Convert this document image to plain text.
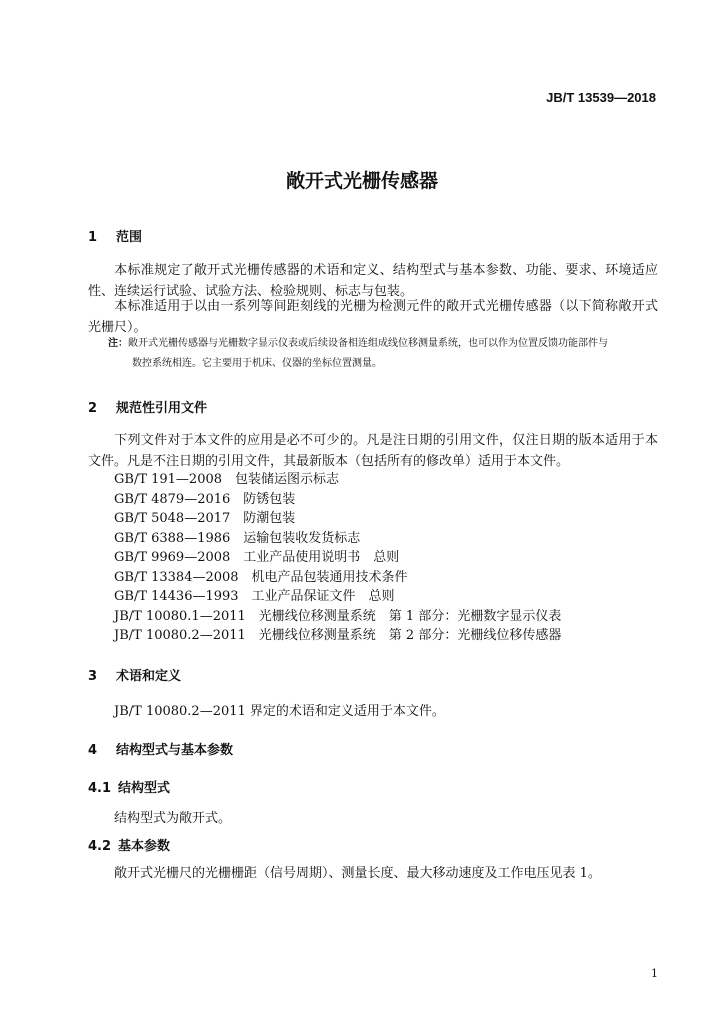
JB/T 13539—2018
敞开式光栅传感器
1 范围
本标准规定了敞开式光栅传感器的术语和定义、结构型式与基本参数、功能、要求、环境适应性、连续运行试验、试验方法、检验规则、标志与包装。
本标准适用于以由一系列等间距刻线的光栅为检测元件的敞开式光栅传感器（以下简称敞开式光栅尺）。
注：敞开式光栅传感器与光栅数字显示仪表或后续设备相连组成线位移测量系统，也可以作为位置反馈功能部件与
数控系统相连。它主要用于机床、仪器的坐标位置测量。
2 规范性引用文件
下列文件对于本文件的应用是必不可少的。凡是注日期的引用文件，仅注日期的版本适用于本文件。凡是不注日期的引用文件，其最新版本（包括所有的修改单）适用于本文件。
GB/T 191—2008　包装储运图示标志
GB/T 4879—2016　防锈包装
GB/T 5048—2017　防潮包装
GB/T 6388—1986　运输包装收发货标志
GB/T 9969—2008　工业产品使用说明书　总则
GB/T 13384—2008　机电产品包装通用技术条件
GB/T 14436—1993　工业产品保证文件　总则
JB/T 10080.1—2011　光栅线位移测量系统　第 1 部分：光栅数字显示仪表
JB/T 10080.2—2011　光栅线位移测量系统　第 2 部分：光栅线位移传感器
3 术语和定义
JB/T 10080.2—2011 界定的术语和定义适用于本文件。
4 结构型式与基本参数
4.1 结构型式
结构型式为敞开式。
4.2 基本参数
敞开式光栅尺的光栅栅距（信号周期）、测量长度、最大移动速度及工作电压见表 1。
1
